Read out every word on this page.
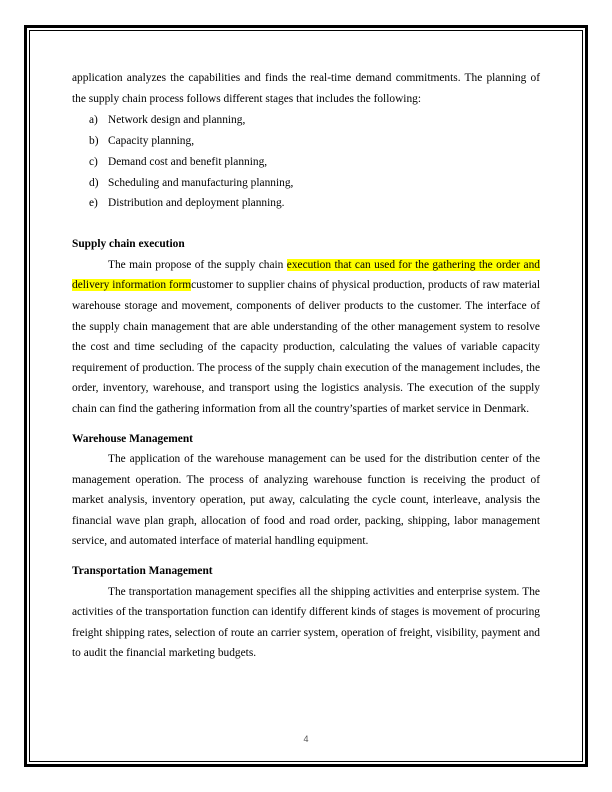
application analyzes the capabilities and finds the real-time demand commitments. The planning of the supply chain process follows different stages that includes the following:

a) Network design and planning,
b) Capacity planning,
c) Demand cost and benefit planning,
d) Scheduling and manufacturing planning,
e) Distribution and deployment planning.

Supply chain execution

The main propose of the supply chain execution that can used for the gathering the order and delivery information formcustomer to supplier chains of physical production, products of raw material warehouse storage and movement, components of deliver products to the customer. The interface of the supply chain management that are able understanding of the other management system to resolve the cost and time secluding of the capacity production, calculating the values of variable capacity requirement of production. The process of the supply chain execution of the management includes, the order, inventory, warehouse, and transport using the logistics analysis. The execution of the supply chain can find the gathering information from all the country’sparties of market service in Denmark.

Warehouse Management

The application of the warehouse management can be used for the distribution center of the management operation. The process of analyzing warehouse function is receiving the product of market analysis, inventory operation, put away, calculating the cycle count, interleave, analysis the financial wave plan graph, allocation of food and road order, packing, shipping, labor management service, and automated interface of material handling equipment.

Transportation Management

The transportation management specifies all the shipping activities and enterprise system. The activities of the transportation function can identify different kinds of stages is movement of procuring freight shipping rates, selection of route an carrier system, operation of freight, visibility, payment and to audit the financial marketing budgets.

4
